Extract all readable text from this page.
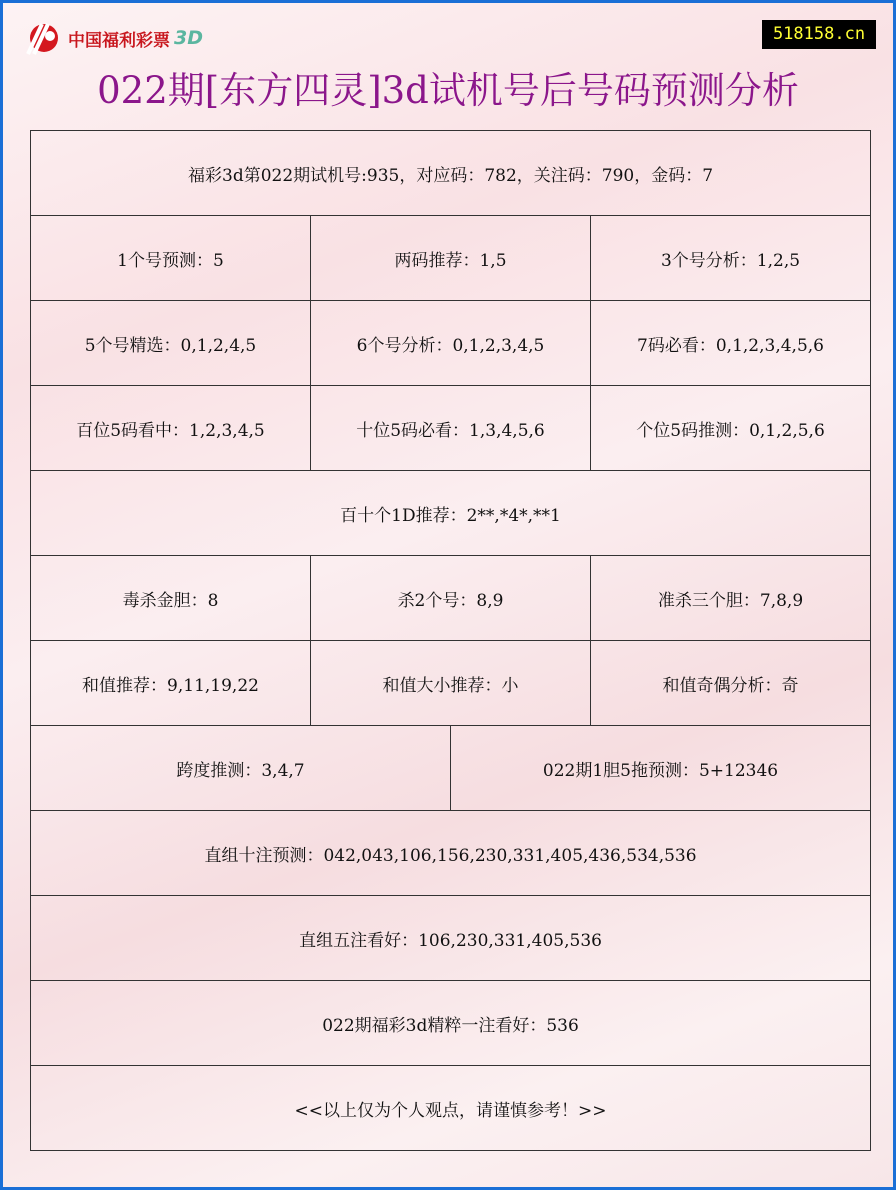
中国福利彩票 3D	518158.cn
022期[东方四灵]3d试机号后号码预测分析
福彩3d第022期试机号:935，对应码：782，关注码：790，金码：7			
1个号预测：5	两码推荐：1,5		3个号分析：1,2,5
5个号精选：0,1,2,4,5	6个号分析：0,1,2,3,4,5		7码必看：0,1,2,3,4,5,6
百位5码看中：1,2,3,4,5	十位5码必看：1,3,4,5,6		个位5码推测：0,1,2,5,6
百十个1D推荐：2**,*4*,**1			
毒杀金胆：8	杀2个号：8,9		准杀三个胆：7,8,9
和值推荐：9,11,19,22	和值大小推荐：小		和值奇偶分析：奇
跨度推测：3,4,7		022期1胆5拖预测：5+12346	
直组十注预测：042,043,106,156,230,331,405,436,534,536			
直组五注看好：106,230,331,405,536			
022期福彩3d精粹一注看好：536			
<<以上仅为个人观点，请谨慎参考！>>			
